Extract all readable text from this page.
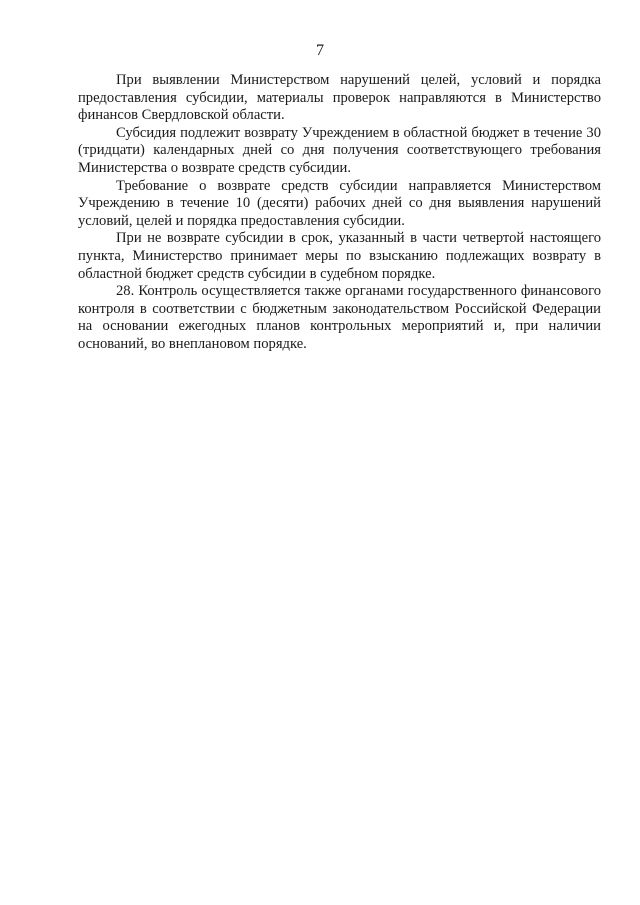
7

При выявлении Министерством нарушений целей, условий и порядка предоставления субсидии, материалы проверок направляются в Министерство финансов Свердловской области.

Субсидия подлежит возврату Учреждением в областной бюджет в течение 30 (тридцати) календарных дней со дня получения соответствующего требования Министерства о возврате средств субсидии.

Требование о возврате средств субсидии направляется Министерством Учреждению в течение 10 (десяти) рабочих дней со дня выявления нарушений условий, целей и порядка предоставления субсидии.

При не возврате субсидии в срок, указанный в части четвертой настоящего пункта, Министерство принимает меры по взысканию подлежащих возврату в областной бюджет средств субсидии в судебном порядке.

28. Контроль осуществляется также органами государственного финансового контроля в соответствии с бюджетным законодательством Российской Федерации на основании ежегодных планов контрольных мероприятий и, при наличии оснований, во внеплановом порядке.
